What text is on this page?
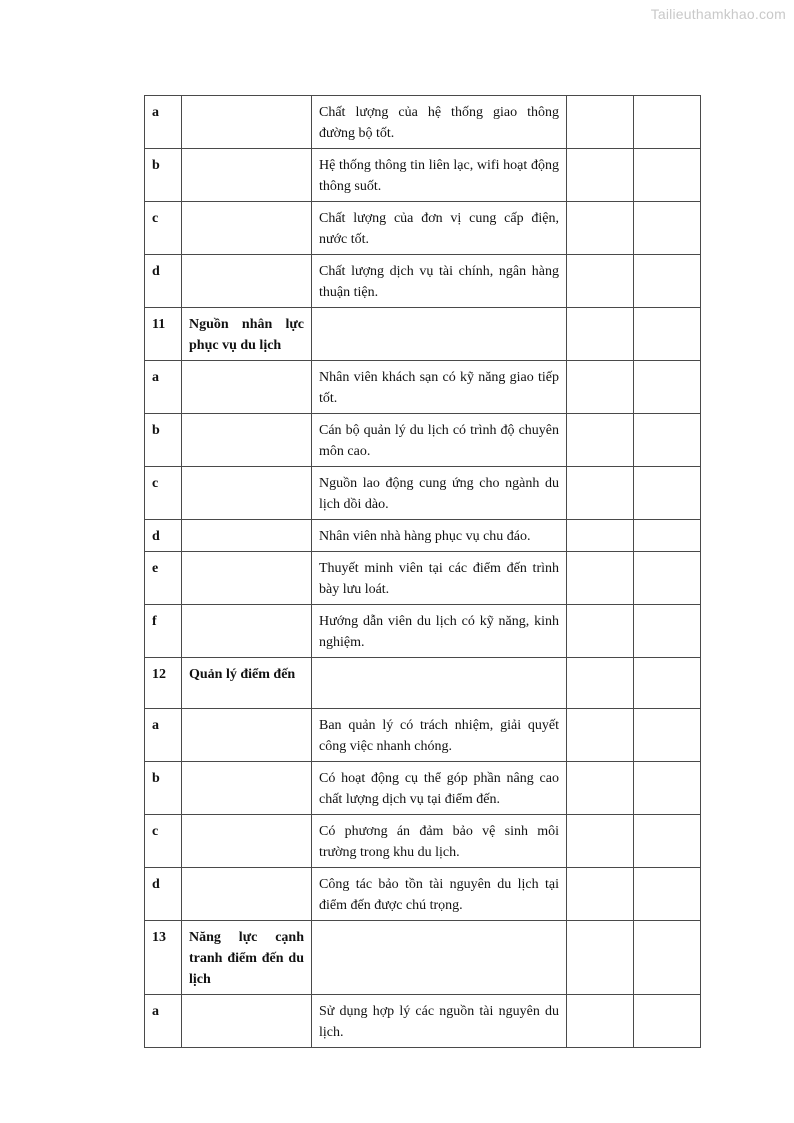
Tailieuthamkhao.com
a		Chất lượng của hệ thống giao thông đường bộ tốt.		
b		Hệ thống thông tin liên lạc, wifi hoạt động thông suốt.		
c		Chất lượng của đơn vị cung cấp điện, nước tốt.		
d		Chất lượng dịch vụ tài chính, ngân hàng thuận tiện.		
11	Nguồn nhân lực phục vụ du lịch			
a		Nhân viên khách sạn có kỹ năng giao tiếp tốt.		
b		Cán bộ quản lý du lịch có trình độ chuyên môn cao.		
c		Nguồn lao động cung ứng cho ngành du lịch dồi dào.		
d		Nhân viên nhà hàng phục vụ chu đáo.		
e		Thuyết minh viên tại các điểm đến trình bày lưu loát.		
f		Hướng dẫn viên du lịch có kỹ năng, kinh nghiệm.		
12	Quản lý điểm đến			
a		Ban quản lý có trách nhiệm, giải quyết công việc nhanh chóng.		
b		Có hoạt động cụ thể góp phần nâng cao chất lượng dịch vụ tại điểm đến.		
c		Có phương án đảm bảo vệ sinh môi trường trong khu du lịch.		
d		Công tác bảo tồn tài nguyên du lịch tại điểm đến được chú trọng.		
13	Năng lực cạnh tranh điểm đến du lịch			
a		Sử dụng hợp lý các nguồn tài nguyên du lịch.		
